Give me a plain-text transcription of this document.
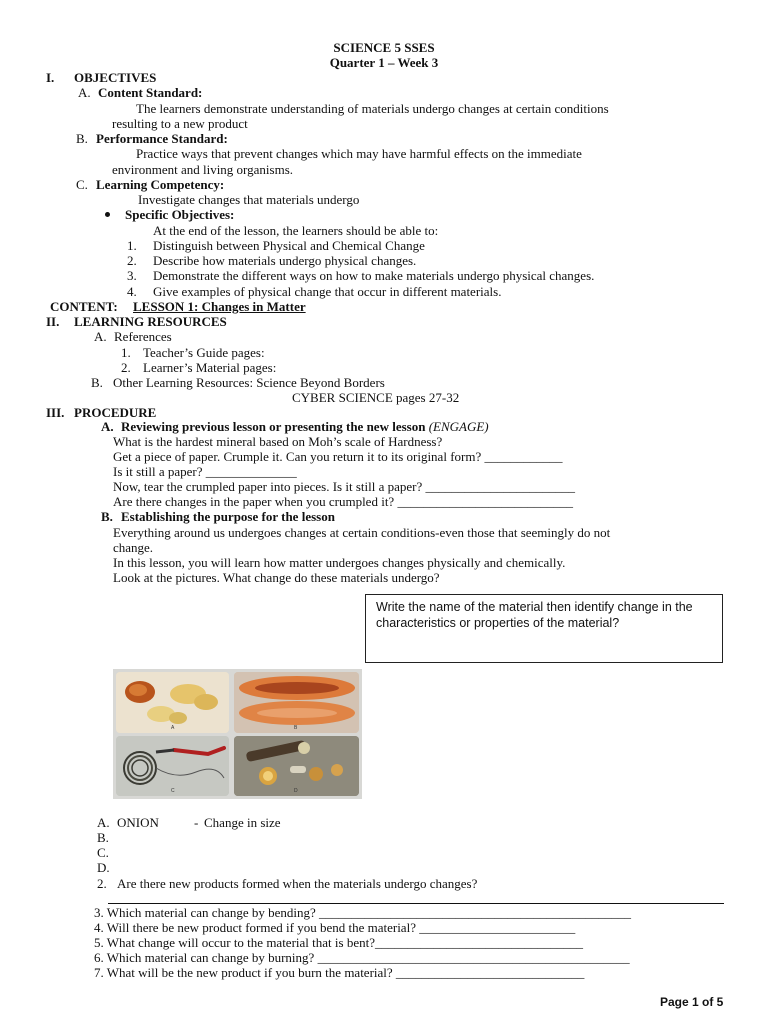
SCIENCE 5 SSES
Quarter 1 – Week 3
I. OBJECTIVES
A. Content Standard:
The learners demonstrate understanding of materials undergo changes at certain conditions
resulting to a new product
B. Performance Standard:
Practice ways that prevent changes which may have harmful effects on the immediate
environment and living organisms.
C. Learning Competency:
Investigate changes that materials undergo
Specific Objectives:
At the end of the lesson, the learners should be able to:
1. Distinguish between Physical and Chemical Change
2. Describe how materials undergo physical changes.
3. Demonstrate the different ways on how to make materials undergo physical changes.
4. Give examples of physical change that occur in different materials.
CONTENT: LESSON 1: Changes in Matter
II. LEARNING RESOURCES
A. References
1. Teacher’s Guide pages:
2. Learner’s Material pages:
B. Other Learning Resources: Science Beyond Borders
CYBER SCIENCE pages 27-32
III. PROCEDURE
A. Reviewing previous lesson or presenting the new lesson (ENGAGE)
What is the hardest mineral based on Moh’s scale of Hardness?
Get a piece of paper. Crumple it. Can you return it to its original form? ____________
Is it still a paper? ______________
Now, tear the crumpled paper into pieces. Is it still a paper? _______________________
Are there changes in the paper when you crumpled it? ___________________________
B. Establishing the purpose for the lesson
Everything around us undergoes changes at certain conditions-even those that seemingly do not
change.
In this lesson, you will learn how matter undergoes changes physically and chemically.
Look at the pictures. What change do these materials undergo?
Write the name of the material then identify change in the characteristics or properties of the material?
A	B
C	D
A. ONION	- Change in size
B.
C.
D.
2. Are there new products formed when the materials undergo changes?
3. Which material can change by bending? ________________________________________________
4. Will there be new product formed if you bend the material? ________________________
5. What change will occur to the material that is bent?________________________________
6. Which material can change by burning? ________________________________________________
7. What will be the new product if you burn the material? _____________________________
Page 1 of 5
